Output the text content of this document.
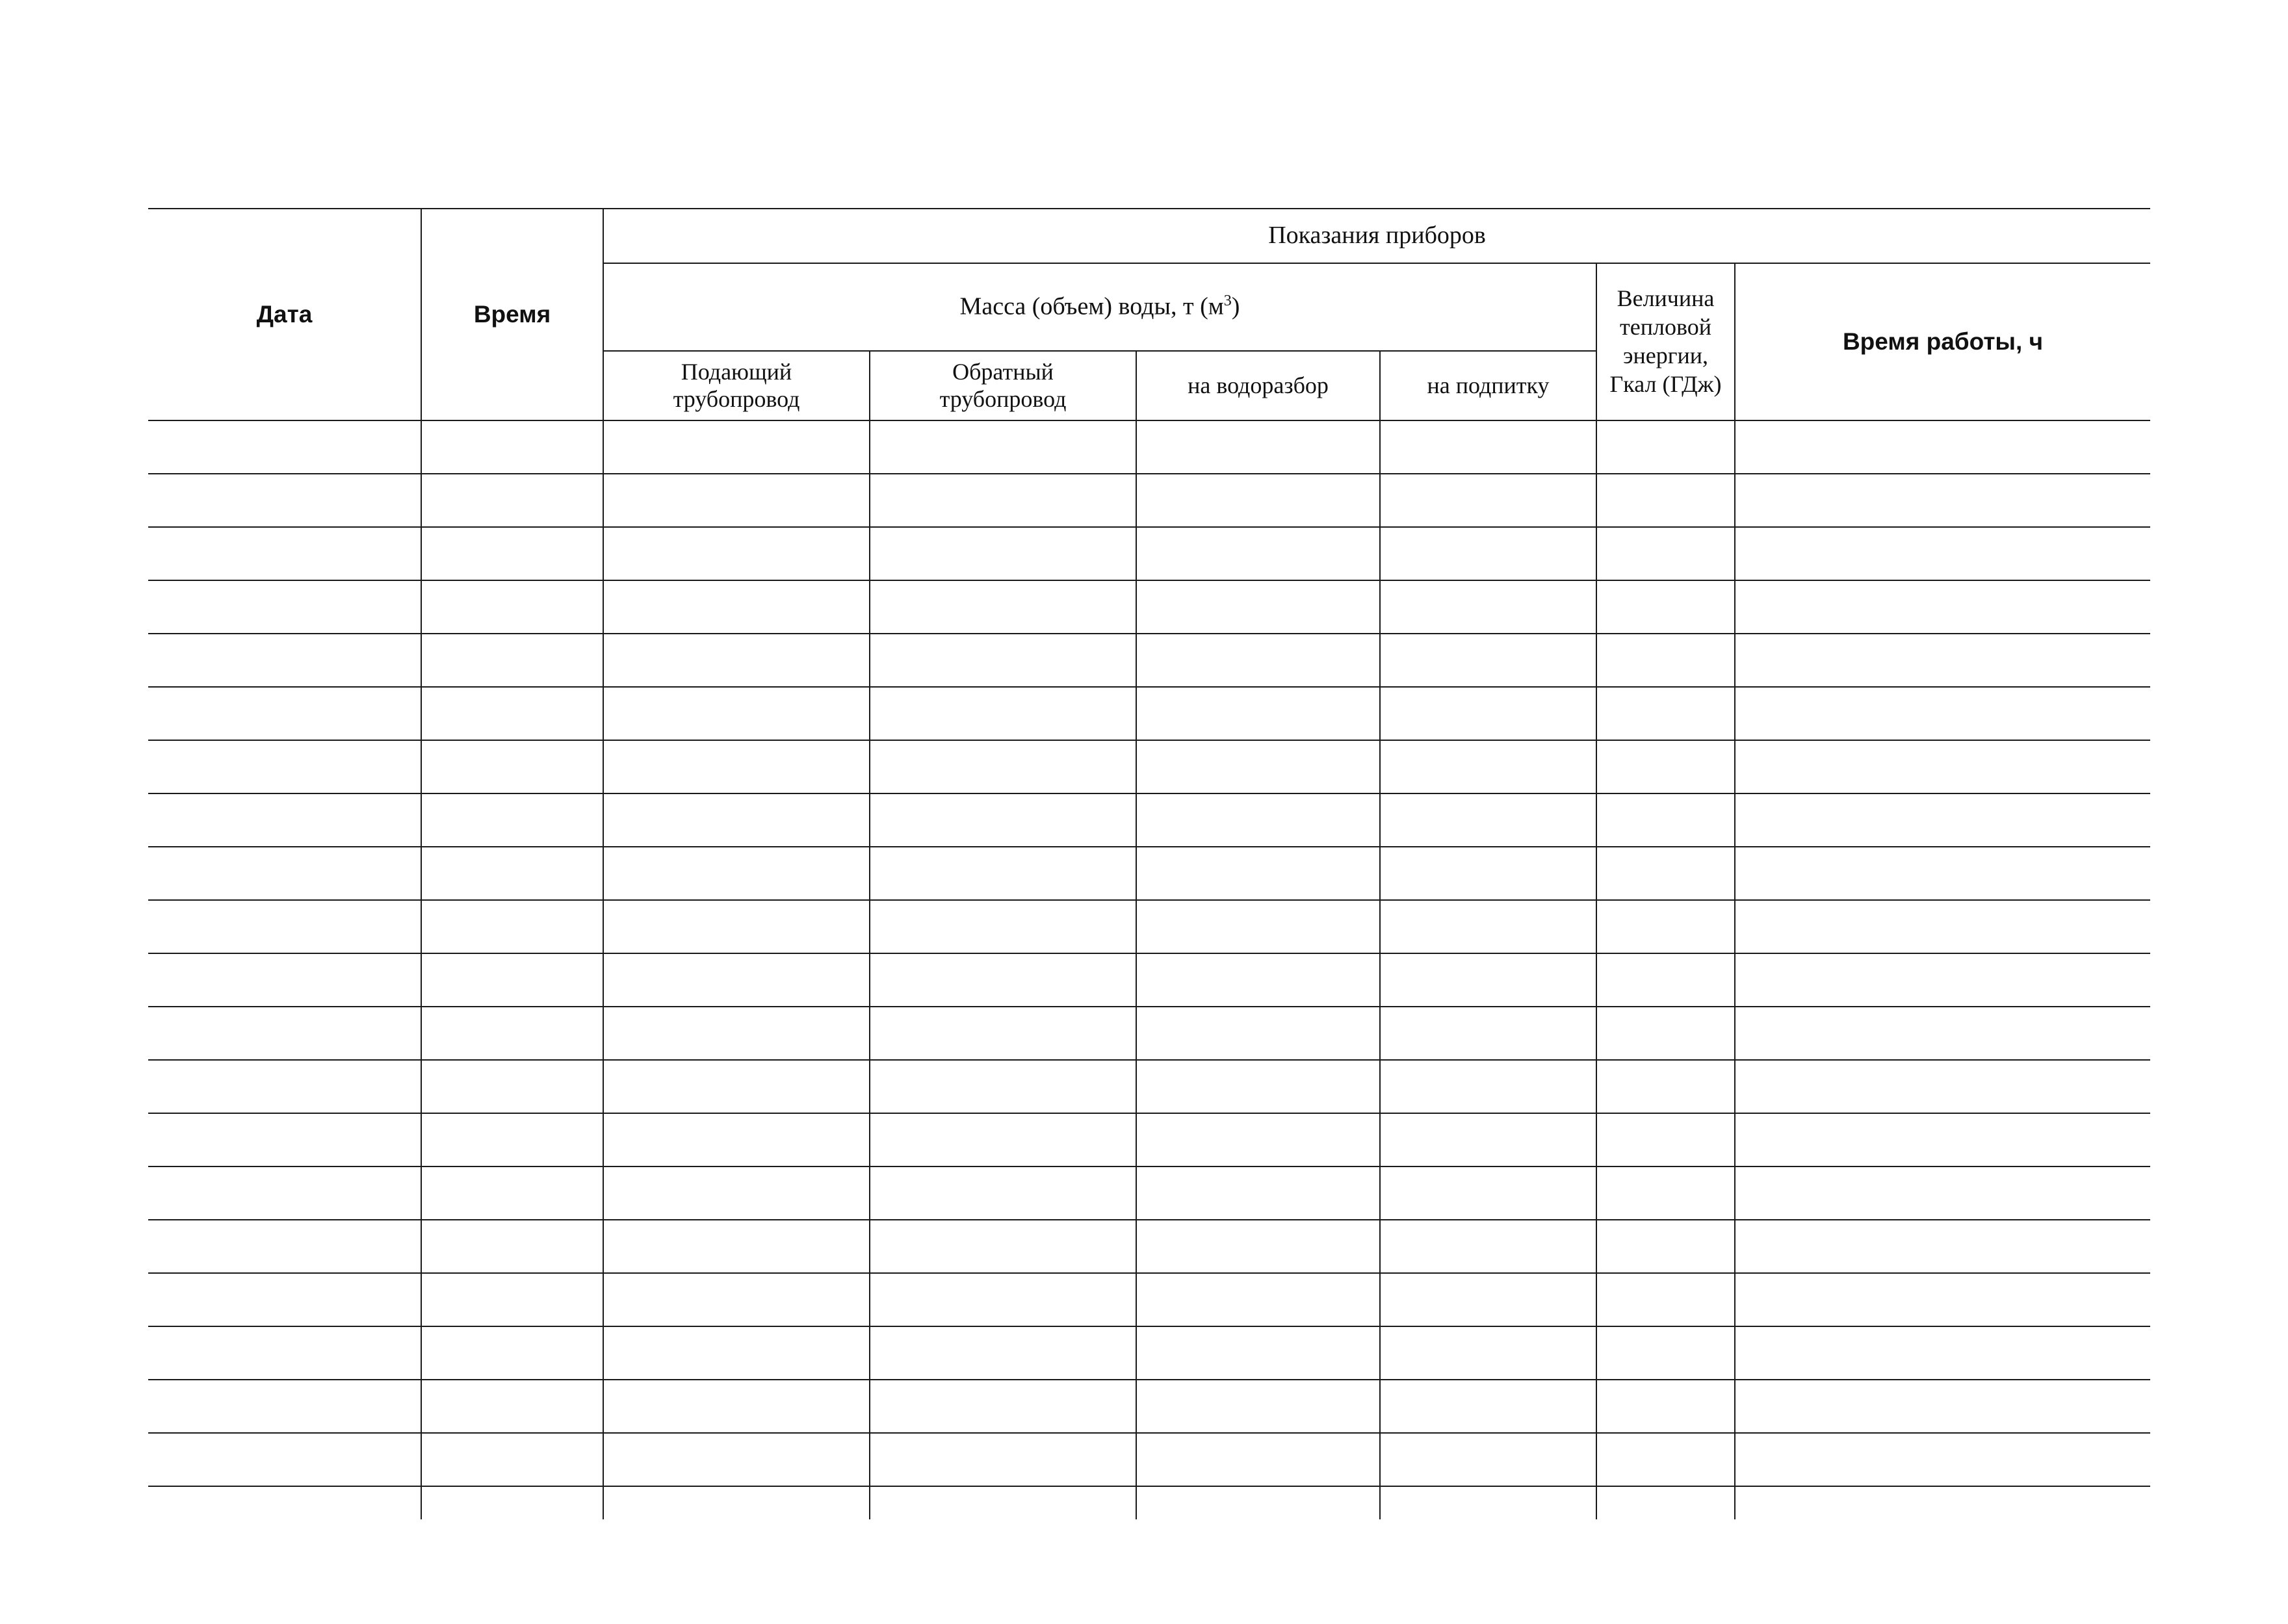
Дата	Время	Показания приборов					
		Масса (объем) воды, т $(м^3)$				Величина тепловой энергии, Гкал (ГДж)	Время работы, ч

		Подающий трубопровод	Обратный трубопровод	на водоразбор	на подпитку		
